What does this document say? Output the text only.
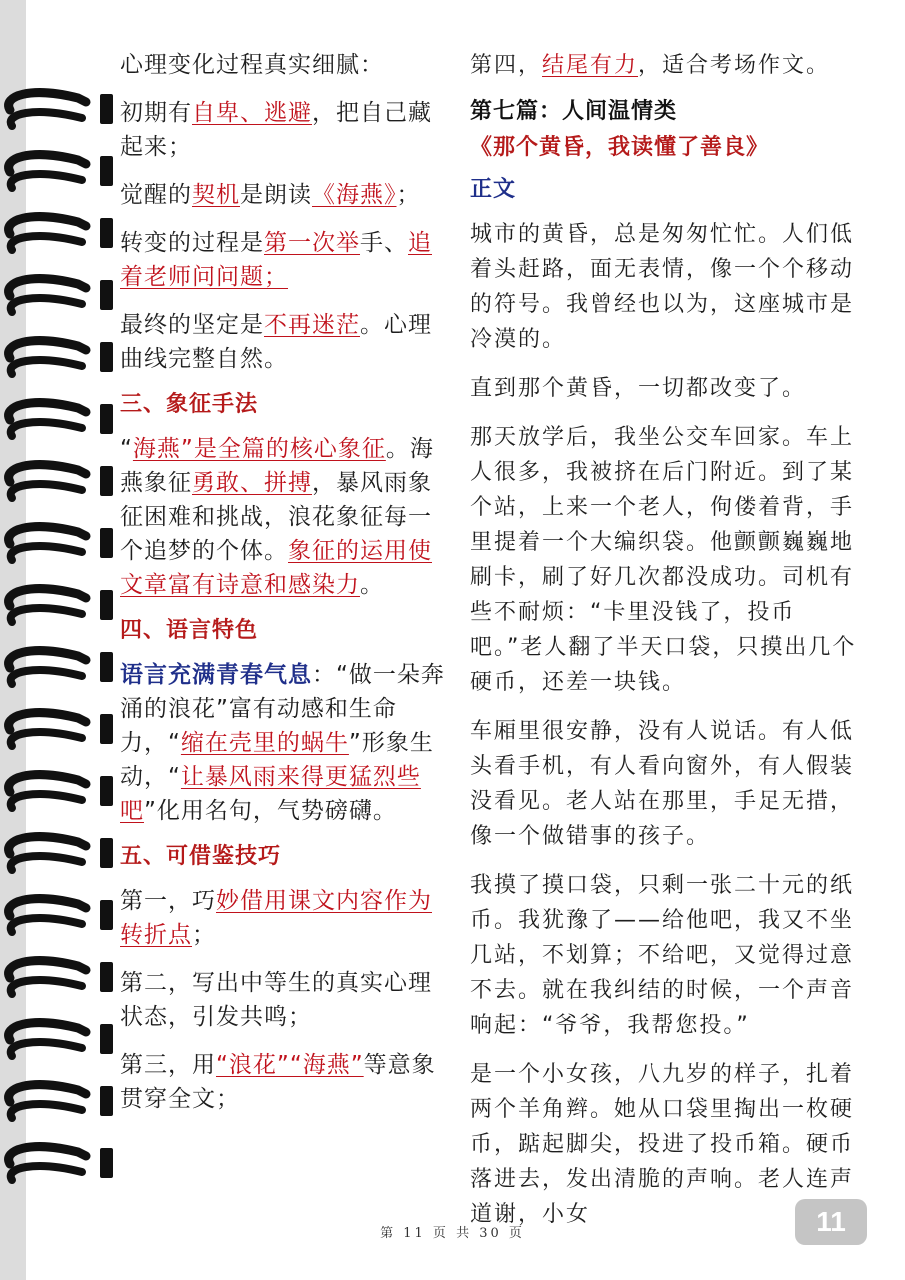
心理变化过程真实细腻：

初期有自卑、逃避，把自己藏起来；

觉醒的契机是朗读《海燕》；

转变的过程是第一次举手、追着老师问问题；

最终的坚定是不再迷茫。心理曲线完整自然。

三、象征手法

“海燕”是全篇的核心象征。海燕象征勇敢、拼搏，暴风雨象征困难和挑战，浪花象征每一个追梦的个体。象征的运用使文章富有诗意和感染力。

四、语言特色

语言充满青春气息：“做一朵奔涌的浪花”富有动感和生命力，“缩在壳里的蜗牛”形象生动，“让暴风雨来得更猛烈些吧”化用名句，气势磅礴。

五、可借鉴技巧

第一，巧妙借用课文内容作为转折点；

第二，写出中等生的真实心理状态，引发共鸣；

第三，用“浪花”“海燕”等意象贯穿全文；

第四，结尾有力，适合考场作文。

第七篇：人间温情类
《那个黄昏，我读懂了善良》
正文

城市的黄昏，总是匆匆忙忙。人们低着头赶路，面无表情，像一个个移动的符号。我曾经也以为，这座城市是冷漠的。

直到那个黄昏，一切都改变了。

那天放学后，我坐公交车回家。车上人很多，我被挤在后门附近。到了某个站，上来一个老人，佝偻着背，手里提着一个大编织袋。他颤颤巍巍地刷卡，刷了好几次都没成功。司机有些不耐烦：“卡里没钱了，投币吧。”老人翻了半天口袋，只摸出几个硬币，还差一块钱。

车厢里很安静，没有人说话。有人低头看手机，有人看向窗外，有人假装没看见。老人站在那里，手足无措，像一个做错事的孩子。

我摸了摸口袋，只剩一张二十元的纸币。我犹豫了——给他吧，我又不坐几站，不划算；不给吧，又觉得过意不去。就在我纠结的时候，一个声音响起：“爷爷，我帮您投。”

是一个小女孩，八九岁的样子，扎着两个羊角辫。她从口袋里掏出一枚硬币，踮起脚尖，投进了投币箱。硬币落进去，发出清脆的声响。老人连声道谢，小女

第 11 页 共 30 页	11
